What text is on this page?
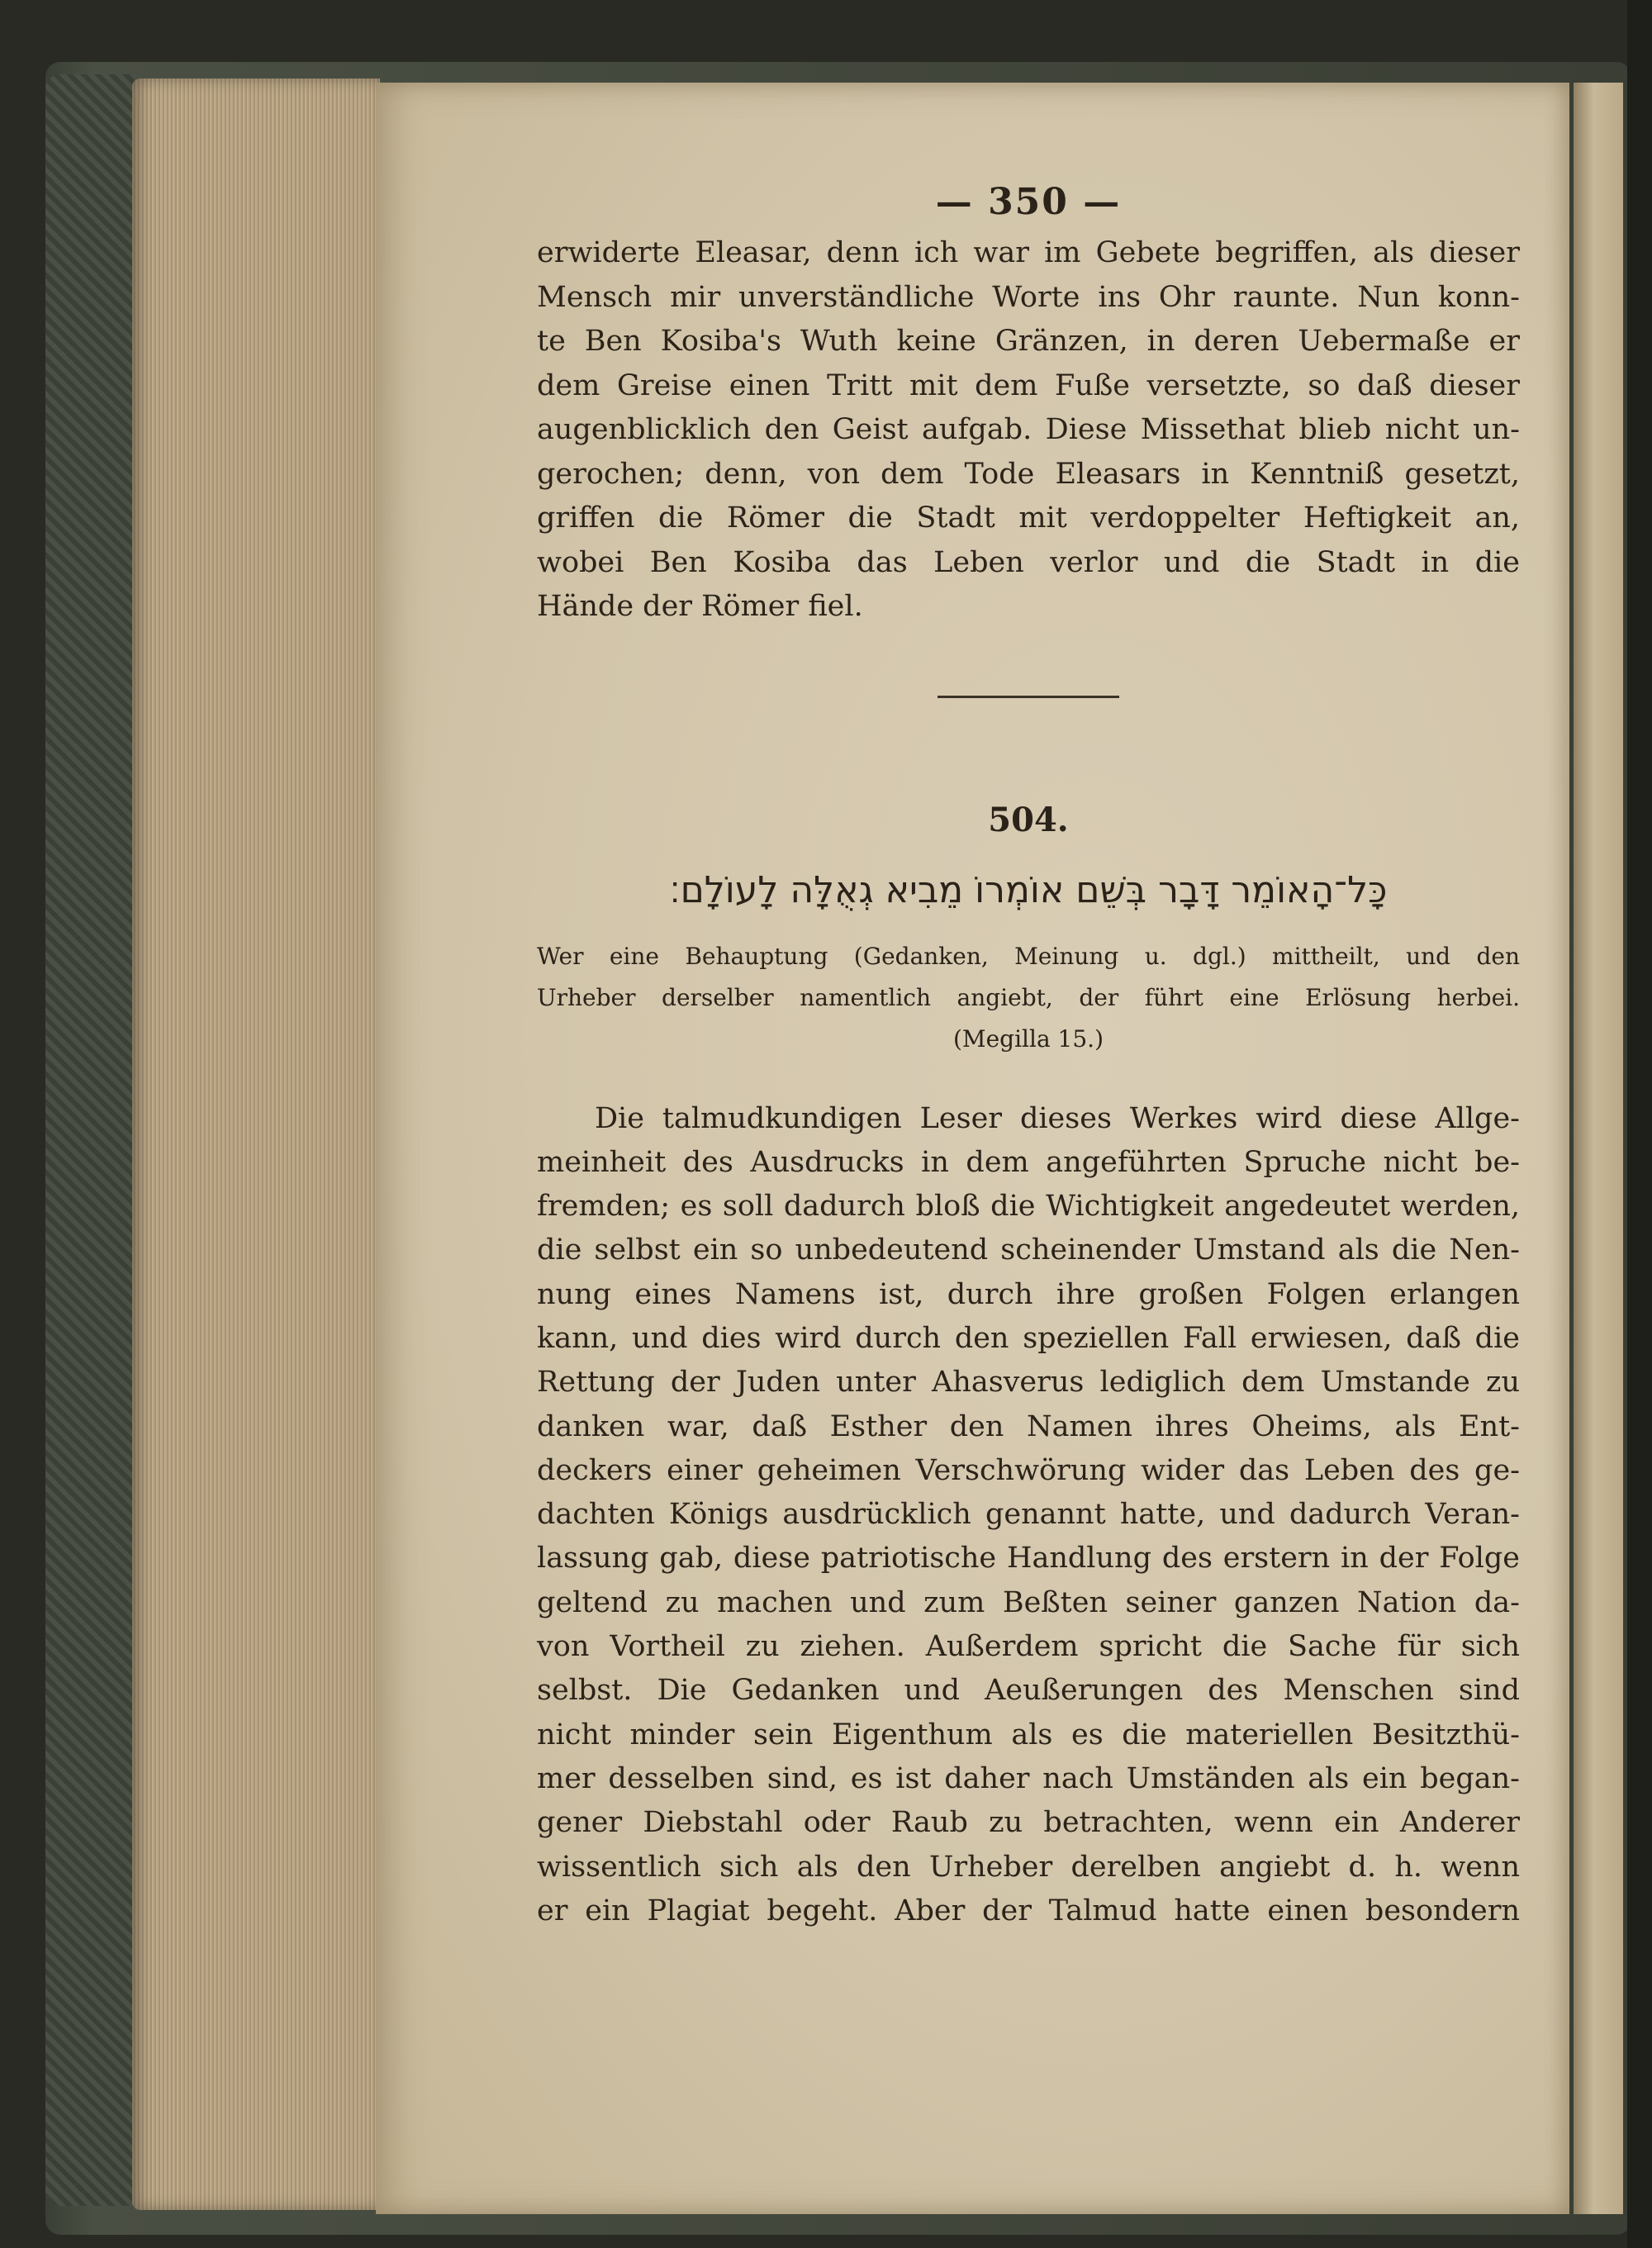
— 350 —

erwiderte Eleasar, denn ich war im Gebete begriffen, als dieser
Mensch mir unverständliche Worte ins Ohr raunte. Nun konn-
te Ben Kosiba's Wuth keine Gränzen, in deren Uebermaße er
dem Greise einen Tritt mit dem Fuße versetzte, so daß dieser
augenblicklich den Geist aufgab. Diese Missethat blieb nicht un-
gerochen; denn, von dem Tode Eleasars in Kenntniß gesetzt,
griffen die Römer die Stadt mit verdoppelter Heftigkeit an,
wobei Ben Kosiba das Leben verlor und die Stadt in die
Hände der Römer fiel.

504.
כָּל־הָאוֹמֵר דָּבָר בְּשֵׁם אוֹמְרוֹ מֵבִיא גְאֻלָּה לָעוֹלָם׃
Wer eine Behauptung (Gedanken, Meinung u. dgl.) mittheilt, und den
Urheber derselber namentlich angiebt, der führt eine Erlösung herbei.
(Megilla 15.)

Die talmudkundigen Leser dieses Werkes wird diese Allge-
meinheit des Ausdrucks in dem angeführten Spruche nicht be-
fremden; es soll dadurch bloß die Wichtigkeit angedeutet werden,
die selbst ein so unbedeutend scheinender Umstand als die Nen-
nung eines Namens ist, durch ihre großen Folgen erlangen
kann, und dies wird durch den speziellen Fall erwiesen, daß die
Rettung der Juden unter Ahasverus lediglich dem Umstande zu
danken war, daß Esther den Namen ihres Oheims, als Ent-
deckers einer geheimen Verschwörung wider das Leben des ge-
dachten Königs ausdrücklich genannt hatte, und dadurch Veran-
lassung gab, diese patriotische Handlung des erstern in der Folge
geltend zu machen und zum Beßten seiner ganzen Nation da-
von Vortheil zu ziehen. Außerdem spricht die Sache für sich
selbst. Die Gedanken und Aeußerungen des Menschen sind
nicht minder sein Eigenthum als es die materiellen Besitzthü-
mer desselben sind, es ist daher nach Umständen als ein began-
gener Diebstahl oder Raub zu betrachten, wenn ein Anderer
wissentlich sich als den Urheber derelben angiebt d. h. wenn
er ein Plagiat begeht. Aber der Talmud hatte einen besondern
